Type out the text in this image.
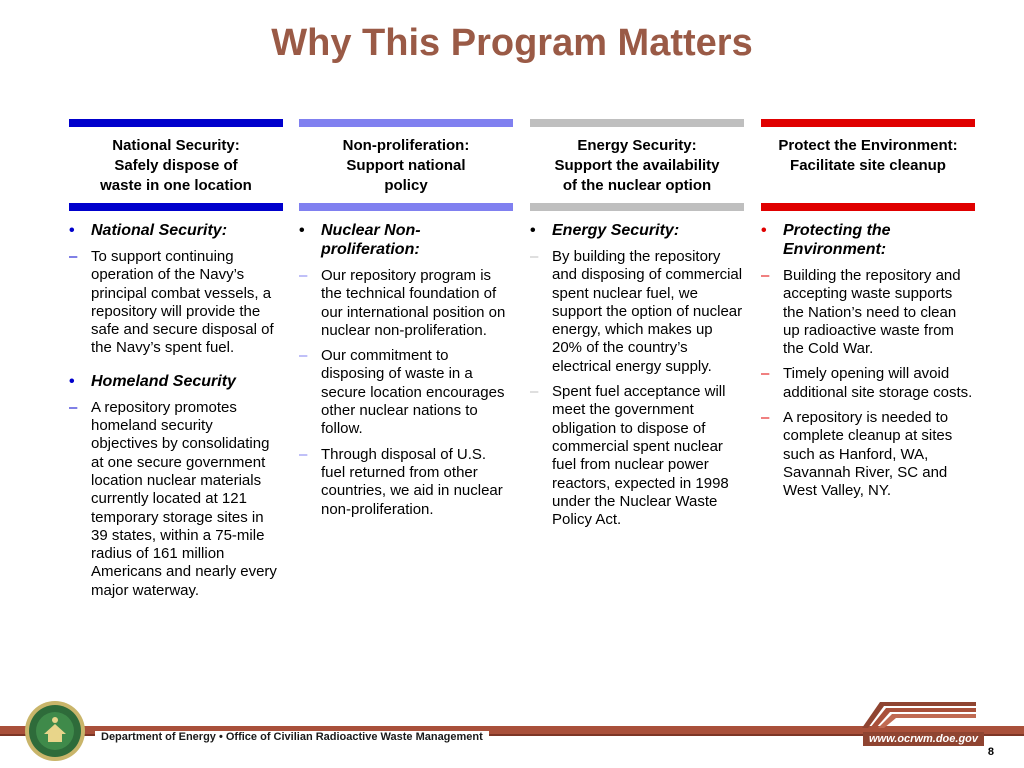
Why This Program Matters
National Security:
Safely dispose of
waste in one location
• National Security:
– To support continuing operation of the Navy’s principal combat vessels, a repository will provide the safe and secure disposal of the Navy’s spent fuel.
• Homeland Security
– A repository promotes homeland security objectives by consolidating at one secure government location nuclear materials currently located at 121 temporary storage sites in 39 states, within a 75-mile radius of 161 million Americans and nearly every major waterway.
Non-proliferation:
Support national
policy
• Nuclear Non-proliferation:
– Our repository program is the technical foundation of our international position on nuclear non-proliferation.
– Our commitment to disposing of waste in a secure location encourages other nuclear nations to follow.
– Through disposal of U.S. fuel returned from other countries, we aid in nuclear non-proliferation.
Energy Security:
Support the availability
of the nuclear option
• Energy Security:
– By building the repository and disposing of commercial spent nuclear fuel, we support the option of nuclear energy, which makes up 20% of the country’s electrical energy supply.
– Spent fuel acceptance will meet the government obligation to dispose of commercial spent nuclear fuel from nuclear power reactors, expected in 1998 under the Nuclear Waste Policy Act.
Protect the Environment:
Facilitate site cleanup
• Protecting the Environment:
– Building the repository and accepting waste supports the Nation’s need to clean up radioactive waste from the Cold War.
– Timely opening will avoid additional site storage costs.
– A repository is needed to complete cleanup at sites such as Hanford, WA, Savannah River, SC and West Valley, NY.
Department of Energy • Office of Civilian Radioactive Waste Management	www.ocrwm.doe.gov
8
